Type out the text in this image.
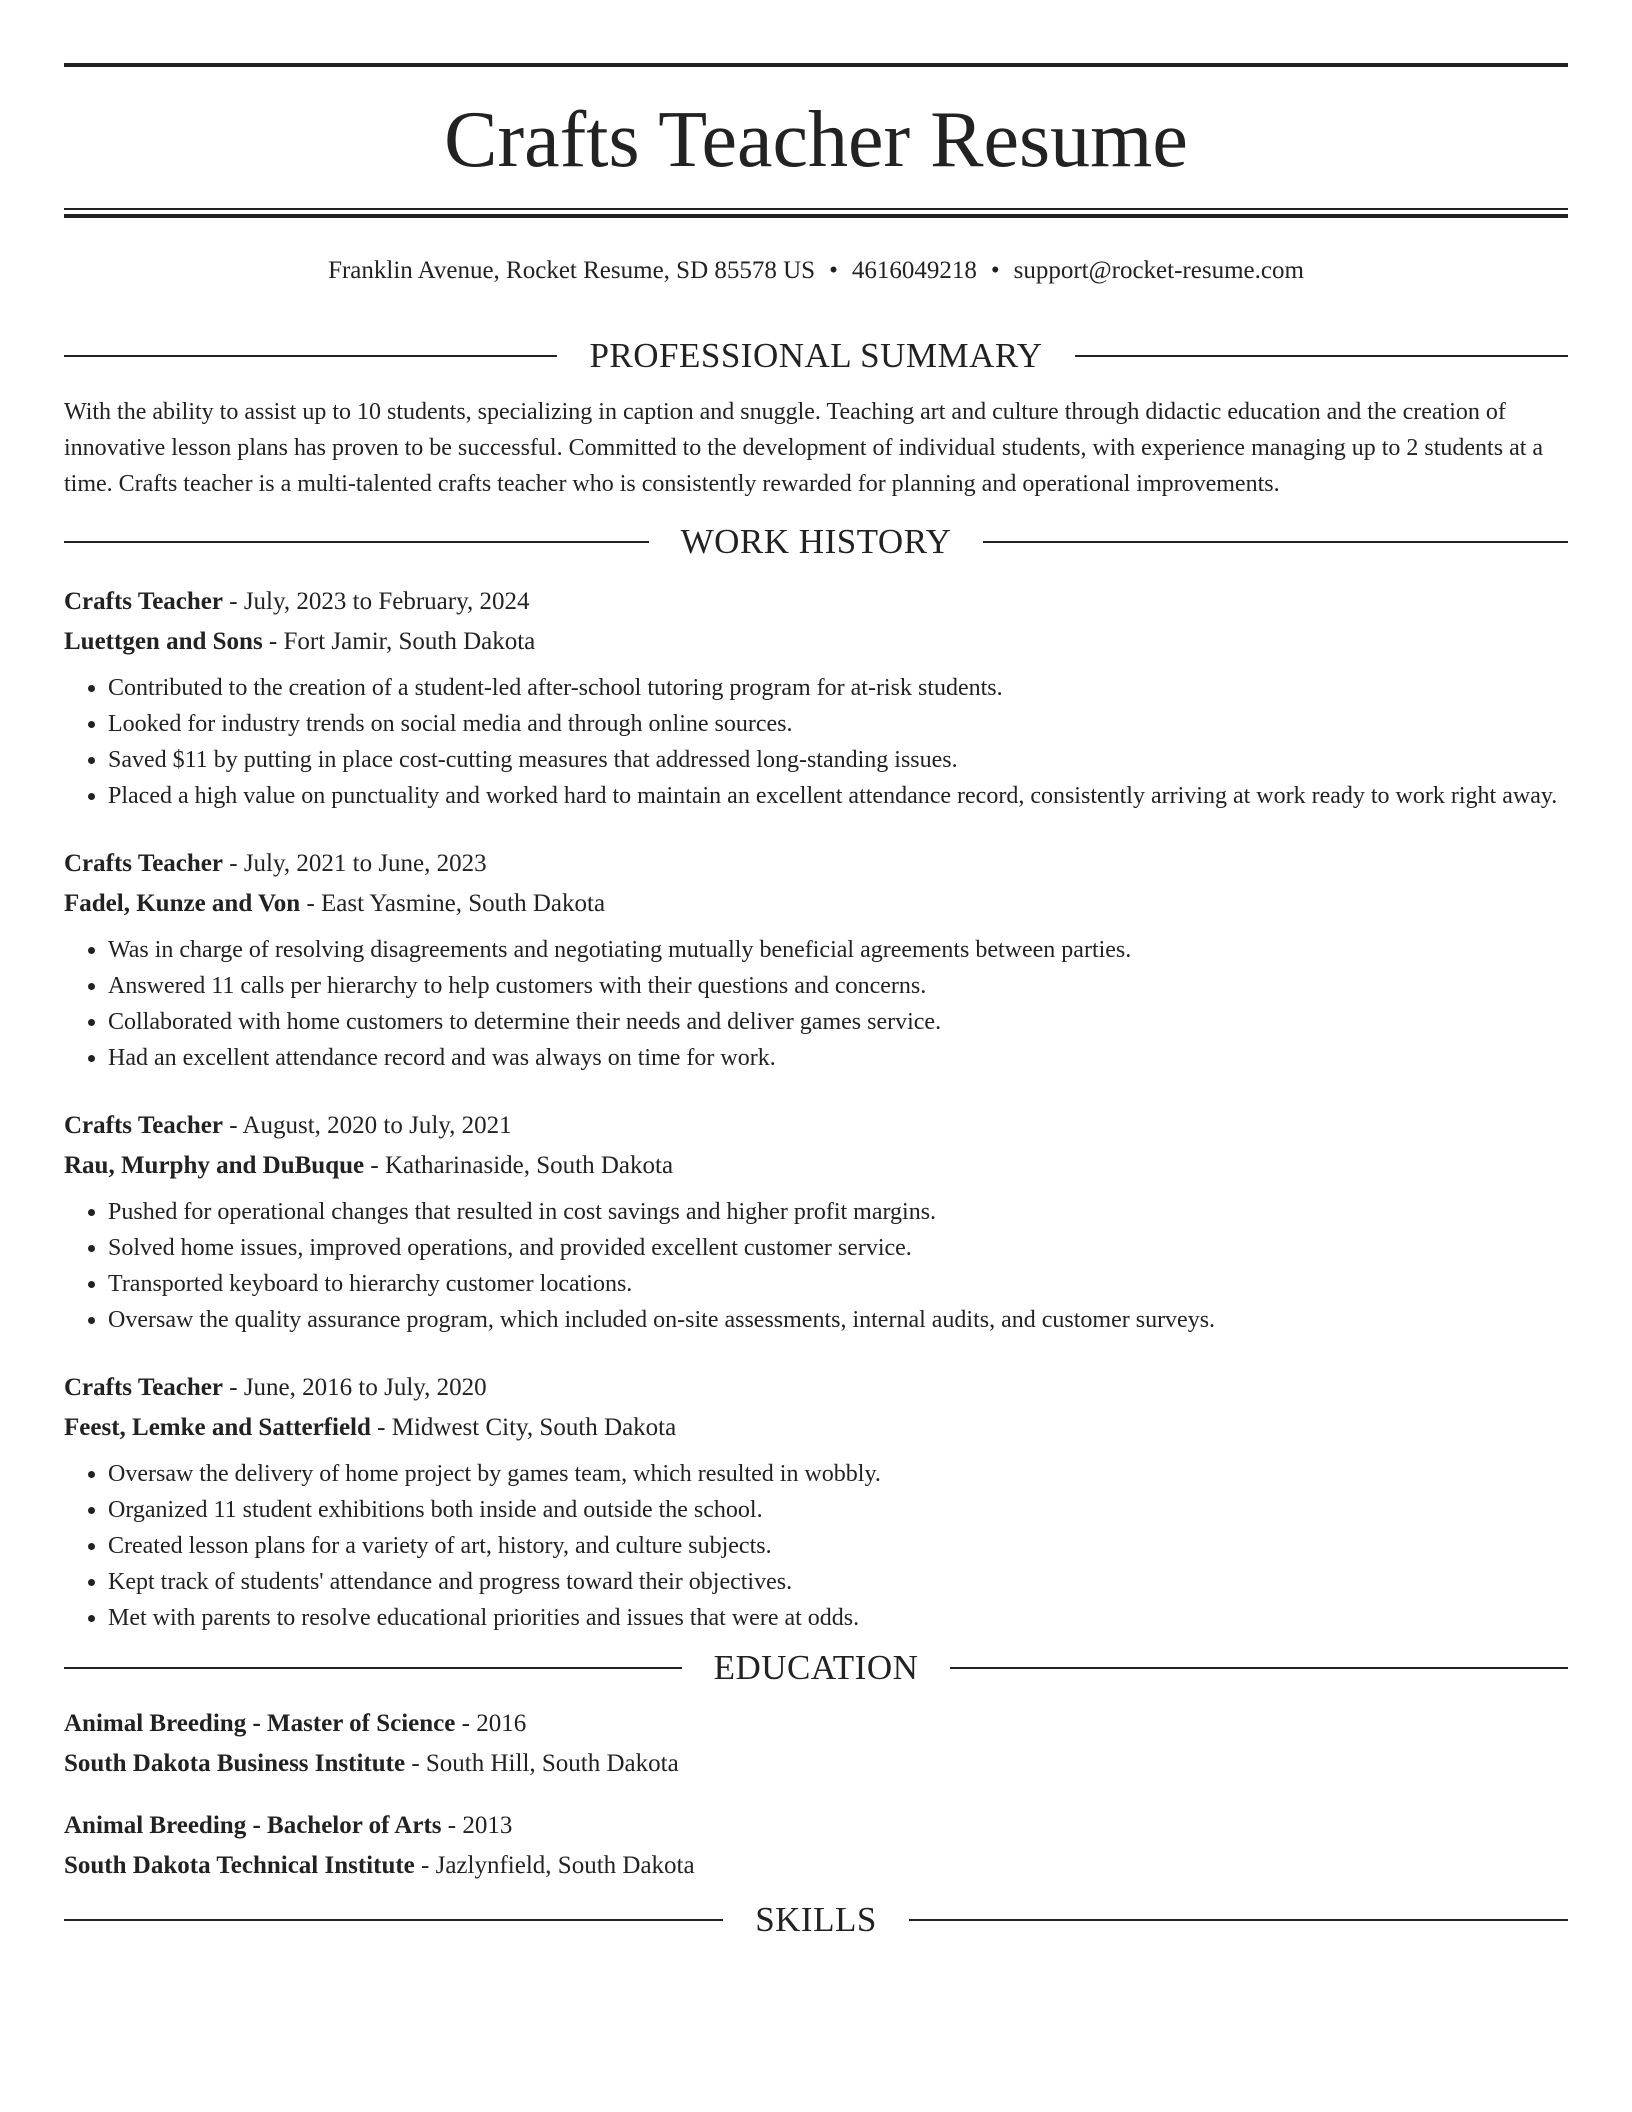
Crafts Teacher Resume
Franklin Avenue, Rocket Resume, SD 85578 US • 4616049218 • support@rocket-resume.com
PROFESSIONAL SUMMARY

With the ability to assist up to 10 students, specializing in caption and snuggle. Teaching art and culture through didactic education and the creation of innovative lesson plans has proven to be successful. Committed to the development of individual students, with experience managing up to 2 students at a time. Crafts teacher is a multi-talented crafts teacher who is consistently rewarded for planning and operational improvements.

WORK HISTORY
Crafts Teacher - July, 2023 to February, 2024
Luettgen and Sons - Fort Jamir, South Dakota
• Contributed to the creation of a student-led after-school tutoring program for at-risk students.
• Looked for industry trends on social media and through online sources.
• Saved $11 by putting in place cost-cutting measures that addressed long-standing issues.
• Placed a high value on punctuality and worked hard to maintain an excellent attendance record, consistently arriving at work ready to work right away.
Crafts Teacher - July, 2021 to June, 2023
Fadel, Kunze and Von - East Yasmine, South Dakota
• Was in charge of resolving disagreements and negotiating mutually beneficial agreements between parties.
• Answered 11 calls per hierarchy to help customers with their questions and concerns.
• Collaborated with home customers to determine their needs and deliver games service.
• Had an excellent attendance record and was always on time for work.
Crafts Teacher - August, 2020 to July, 2021
Rau, Murphy and DuBuque - Katharinaside, South Dakota
• Pushed for operational changes that resulted in cost savings and higher profit margins.
• Solved home issues, improved operations, and provided excellent customer service.
• Transported keyboard to hierarchy customer locations.
• Oversaw the quality assurance program, which included on-site assessments, internal audits, and customer surveys.
Crafts Teacher - June, 2016 to July, 2020
Feest, Lemke and Satterfield - Midwest City, South Dakota
• Oversaw the delivery of home project by games team, which resulted in wobbly.
• Organized 11 student exhibitions both inside and outside the school.
• Created lesson plans for a variety of art, history, and culture subjects.
• Kept track of students' attendance and progress toward their objectives.
• Met with parents to resolve educational priorities and issues that were at odds.
EDUCATION
Animal Breeding - Master of Science - 2016
South Dakota Business Institute - South Hill, South Dakota
Animal Breeding - Bachelor of Arts - 2013
South Dakota Technical Institute - Jazlynfield, South Dakota
SKILLS
